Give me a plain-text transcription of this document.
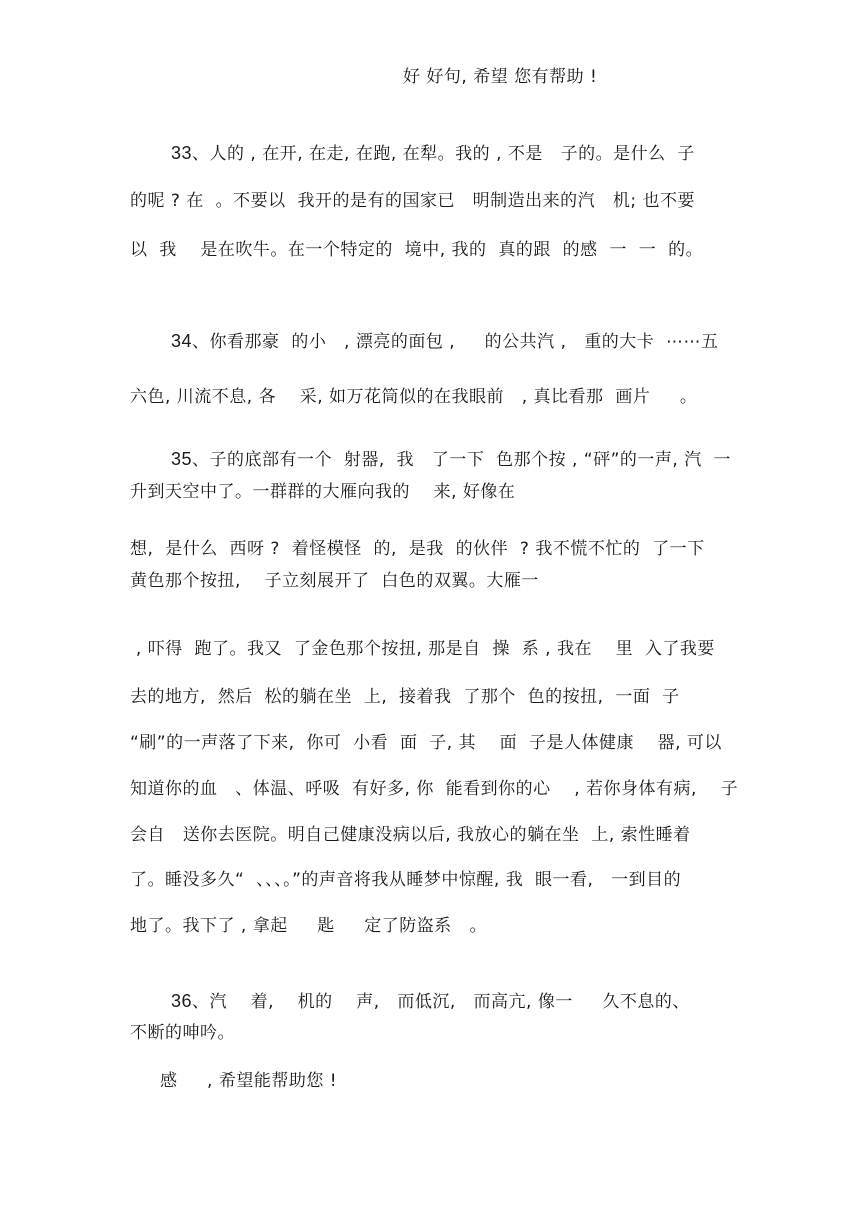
好 好句, 希望 您有帮助 !
33、人的 , 在开, 在走, 在跑, 在犁。我的 , 不是   子的。是什么  子
的呢 ? 在  。不要以  我开的是有的国家已   明制造出来的汽   机; 也不要
以  我    是在吹牛。在一个特定的  境中, 我的  真的跟  的感  一  一  的。
34、你看那豪  的小   , 漂亮的面包 ,     的公共汽 ,   重的大卡  ⋯⋯五
六色, 川流不息, 各    采, 如万花筒似的在我眼前   , 真比看那  画片     。
35、子的底部有一个  射器,  我   了一下  色那个按 , “砰”的一声, 汽  一
升到天空中了。一群群的大雁向我的    来, 好像在
想,  是什么  西呀 ?  着怪模怪  的,  是我  的伙伴  ? 我不慌不忙的  了一下
黄色那个按扭,    子立刻展开了  白色的双翼。大雁一
, 吓得  跑了。我又  了金色那个按扭, 那是自  操  系 , 我在    里  入了我要
去的地方,  然后  松的躺在坐  上,  接着我  了那个  色的按扭,  一面  子
“刷”的一声落了下来,  你可  小看  面  子, 其    面  子是人体健康    器, 可以
知道你的血   、体温、呼吸  有好多, 你  能看到你的心    , 若你身体有病,    子
会自   送你去医院。明自己健康没病以后, 我放心的躺在坐  上, 索性睡着
了。睡没多久“  、、、。”的声音将我从睡梦中惊醒, 我  眼一看,   一到目的
地了。我下了 , 拿起     匙     定了防盗系   。
36、汽    着,    机的    声,   而低沉,   而高亢, 像一     久不息的、
不断的呻吟。
感     , 希望能帮助您 !
